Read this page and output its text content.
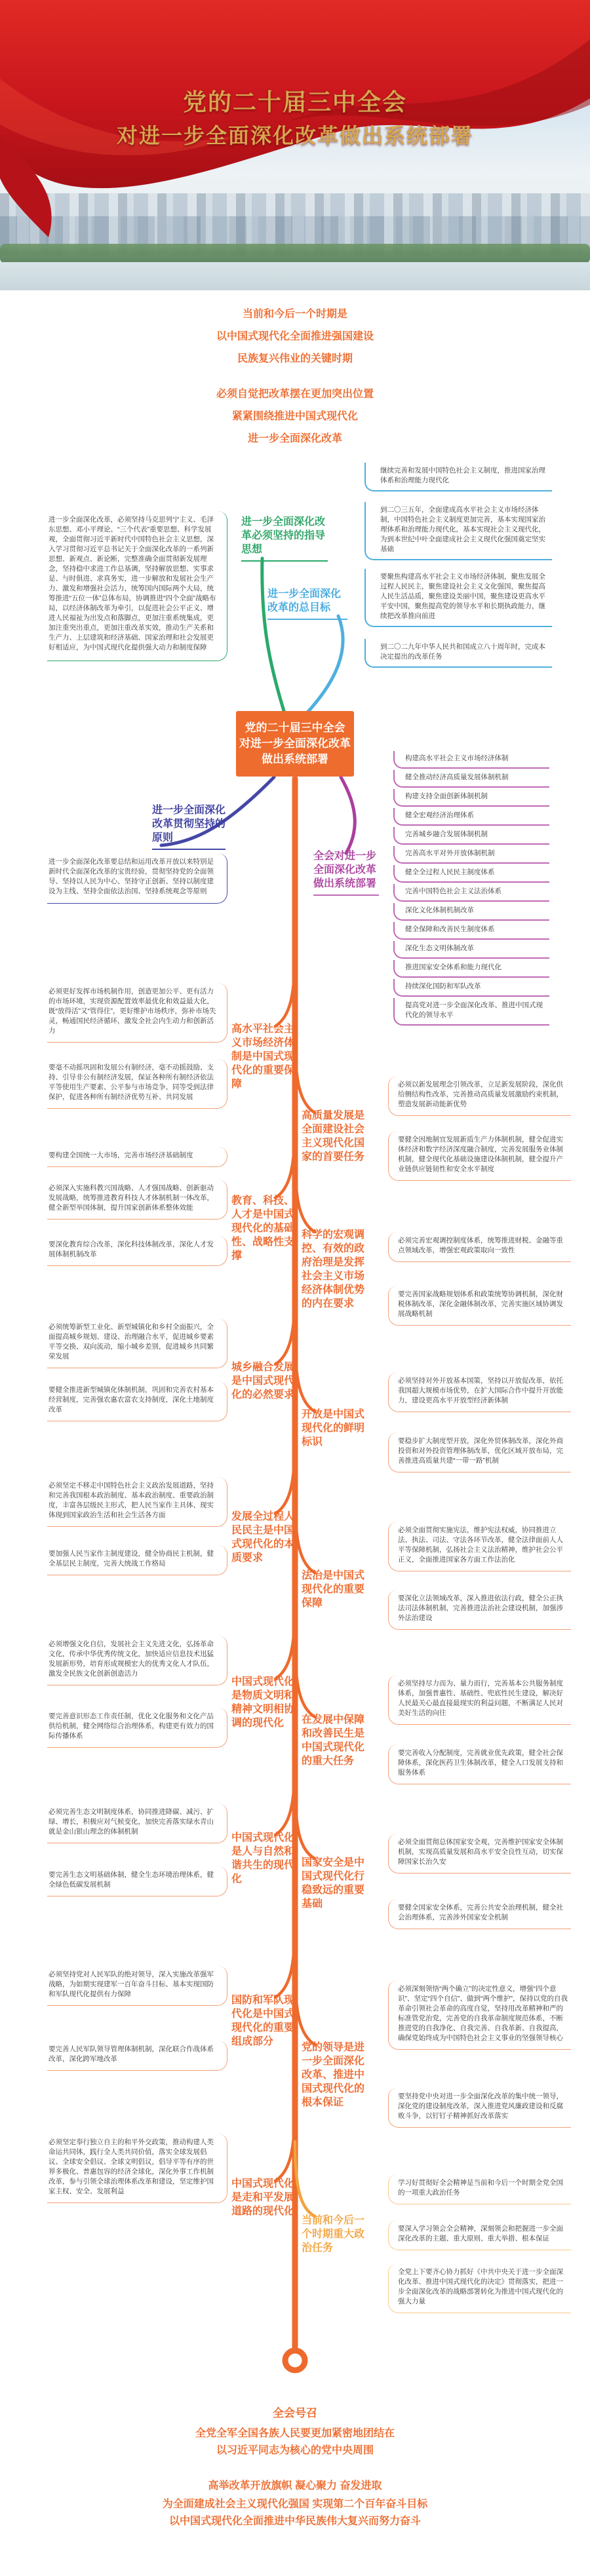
党的二十届三中全会
对进一步全面深化改革做出系统部署
当前和今后一个时期是
以中国式现代化全面推进强国建设
民族复兴伟业的关键时期
必须自觉把改革摆在更加突出位置
紧紧围绕推进中国式现代化
进一步全面深化改革
党的二十届三中全会
对进一步全面深化改革
做出系统部署
进一步全面深化改革必须坚持的指导思想
进一步全面深化改革，必须坚持马克思列宁主义、毛泽东思想、邓小平理论、“三个代表”重要思想、科学发展观，全面贯彻习近平新时代中国特色社会主义思想，深入学习贯彻习近平总书记关于全面深化改革的一系列新思想、新观点、新论断，完整准确全面贯彻新发展理念，坚持稳中求进工作总基调，坚持解放思想、实事求是、与时俱进、求真务实，进一步解放和发展社会生产力、激发和增强社会活力，统筹国内国际两个大局，统筹推进“五位一体”总体布局，协调推进“四个全面”战略布局，以经济体制改革为牵引，以促进社会公平正义、增进人民福祉为出发点和落脚点，更加注重系统集成，更加注重突出重点，更加注重改革实效，推动生产关系和生产力、上层建筑和经济基础、国家治理和社会发展更好相适应，为中国式现代化提供强大动力和制度保障
进一步全面深化改革的总目标
继续完善和发展中国特色社会主义制度，推进国家治理体系和治理能力现代化
到二〇三五年，全面建成高水平社会主义市场经济体制，中国特色社会主义制度更加完善，基本实现国家治理体系和治理能力现代化，基本实现社会主义现代化，为到本世纪中叶全面建成社会主义现代化强国奠定坚实基础
要聚焦构建高水平社会主义市场经济体制，聚焦发展全过程人民民主，聚焦建设社会主义文化强国，聚焦提高人民生活品质，聚焦建设美丽中国，聚焦建设更高水平平安中国，聚焦提高党的领导水平和长期执政能力，继续把改革推向前进
到二〇二九年中华人民共和国成立八十周年时，完成本决定提出的改革任务
进一步全面深化改革贯彻坚持的原则
进一步全面深化改革要总结和运用改革开放以来特别是新时代全面深化改革的宝贵经验，贯彻坚持党的全面领导、坚持以人民为中心、坚持守正创新、坚持以制度建设为主线、坚持全面依法治国、坚持系统观念等原则
全会对进一步全面深化改革做出系统部署
构建高水平社会主义市场经济体制
健全推动经济高质量发展体制机制
构建支持全面创新体制机制
健全宏观经济治理体系
完善城乡融合发展体制机制
完善高水平对外开放体制机制
健全全过程人民民主制度体系
完善中国特色社会主义法治体系
深化文化体制机制改革
健全保障和改善民生制度体系
深化生态文明体制改革
推进国家安全体系和能力现代化
持续深化国防和军队改革
提高党对进一步全面深化改革、推进中国式现代化的领导水平
高水平社会主义市场经济体制是中国式现代化的重要保障
必须更好发挥市场机制作用，创造更加公平、更有活力的市场环境，实现资源配置效率最优化和效益最大化，既“放得活”又“管得住”，更好维护市场秩序，弥补市场失灵，畅通国民经济循环，激发全社会内生动力和创新活力
要毫不动摇巩固和发展公有制经济，毫不动摇鼓励、支持、引导非公有制经济发展，保证各种所有制经济依法平等使用生产要素、公平参与市场竞争、同等受到法律保护，促进各种所有制经济优势互补、共同发展
要构建全国统一大市场，完善市场经济基础制度
高质量发展是全面建设社会主义现代化国家的首要任务
必须以新发展理念引领改革，立足新发展阶段，深化供给侧结构性改革，完善推动高质量发展激励约束机制，塑造发展新动能新优势
要健全因地制宜发展新质生产力体制机制，健全促进实体经济和数字经济深度融合制度，完善发展服务业体制机制，健全现代化基础设施建设体制机制，健全提升产业链供应链韧性和安全水平制度
教育、科技、人才是中国式现代化的基础性、战略性支撑
必须深入实施科教兴国战略、人才强国战略、创新驱动发展战略，统筹推进教育科技人才体制机制一体改革，健全新型举国体制，提升国家创新体系整体效能
要深化教育综合改革，深化科技体制改革，深化人才发展体制机制改革
科学的宏观调控、有效的政府治理是发挥社会主义市场经济体制优势的内在要求
必须完善宏观调控制度体系，统筹推进财税、金融等重点领域改革，增强宏观政策取向一致性
要完善国家战略规划体系和政策统筹协调机制，深化财税体制改革，深化金融体制改革，完善实施区域协调发展战略机制
城乡融合发展是中国式现代化的必然要求
必须统筹新型工业化、新型城镇化和乡村全面振兴，全面提高城乡规划、建设、治理融合水平，促进城乡要素平等交换、双向流动，缩小城乡差别，促进城乡共同繁荣发展
要健全推进新型城镇化体制机制，巩固和完善农村基本经营制度，完善强农惠农富农支持制度，深化土地制度改革	开放是中国式现代化的鲜明标识
必须坚持对外开放基本国策，坚持以开放促改革，依托我国超大规模市场优势，在扩大国际合作中提升开放能力，建设更高水平开放型经济新体制
要稳步扩大制度型开放，深化外贸体制改革，深化外商投资和对外投资管理体制改革，优化区域开放布局，完善推进高质量共建“一带一路”机制
发展全过程人民民主是中国式现代化的本质要求
必须坚定不移走中国特色社会主义政治发展道路，坚持和完善我国根本政治制度、基本政治制度、重要政治制度，丰富各层级民主形式，把人民当家作主具体、现实体现到国家政治生活和社会生活各方面
要加强人民当家作主制度建设，健全协商民主机制，健全基层民主制度，完善大统战工作格局
法治是中国式现代化的重要保障
必须全面贯彻实施宪法，维护宪法权威，协同推进立法、执法、司法、守法各环节改革，健全法律面前人人平等保障机制，弘扬社会主义法治精神，维护社会公平正义，全面推进国家各方面工作法治化
要深化立法领域改革，深入推进依法行政，健全公正执法司法体制机制，完善推进法治社会建设机制，加强涉外法治建设
中国式现代化是物质文明和精神文明相协调的现代化
必须增强文化自信，发展社会主义先进文化，弘扬革命文化，传承中华优秀传统文化，加快适应信息技术迅猛发展新形势，培育形成规模宏大的优秀文化人才队伍，激发全民族文化创新创造活力
要完善意识形态工作责任制，优化文化服务和文化产品供给机制，健全网络综合治理体系，构建更有效力的国际传播体系
在发展中保障和改善民生是中国式现代化的重大任务
必须坚持尽力而为、量力而行，完善基本公共服务制度体系，加强普惠性、基础性、兜底性民生建设，解决好人民最关心最直接最现实的利益问题，不断满足人民对美好生活的向往
要完善收入分配制度，完善就业优先政策，健全社会保障体系，深化医药卫生体制改革，健全人口发展支持和服务体系
中国式现代化是人与自然和谐共生的现代化
必须完善生态文明制度体系，协同推进降碳、减污、扩绿、增长，积极应对气候变化，加快完善落实绿水青山就是金山银山理念的体制机制
要完善生态文明基础体制，健全生态环境治理体系，健全绿色低碳发展机制
国家安全是中国式现代化行稳致远的重要基础
必须全面贯彻总体国家安全观，完善维护国家安全体制机制，实现高质量发展和高水平安全良性互动，切实保障国家长治久安
要健全国家安全体系，完善公共安全治理机制，健全社会治理体系，完善涉外国家安全机制
国防和军队现代化是中国式现代化的重要组成部分
必须坚持党对人民军队的绝对领导，深入实施改革强军战略，为如期实现建军一百年奋斗目标、基本实现国防和军队现代化提供有力保障
要完善人民军队领导管理体制机制，深化联合作战体系改革，深化跨军地改革
党的领导是进一步全面深化改革、推进中国式现代化的根本保证
必须深刻领悟“两个确立”的决定性意义，增强“四个意识”、坚定“四个自信”、做到“两个维护”，保持以党的自我革命引领社会革命的高度自觉，坚持用改革精神和严的标准管党治党，完善党的自我革命制度规范体系，不断推进党的自我净化、自我完善、自我革新、自我提高，确保党始终成为中国特色社会主义事业的坚强领导核心
要坚持党中央对进一步全面深化改革的集中统一领导，深化党的建设制度改革，深入推进党风廉政建设和反腐败斗争，以钉钉子精神抓好改革落实
中国式现代化是走和平发展道路的现代化
必须坚定奉行独立自主的和平外交政策，推动构建人类命运共同体，践行全人类共同价值，落实全球发展倡议、全球安全倡议、全球文明倡议，倡导平等有序的世界多极化、普惠包容的经济全球化，深化外事工作机制改革，参与引领全球治理体系改革和建设，坚定维护国家主权、安全、发展利益
当前和今后一个时期重大政治任务
学习好贯彻好全会精神是当前和今后一个时期全党全国的一项重大政治任务
要深入学习领会全会精神，深刻领会和把握进一步全面深化改革的主题、重大原则、重大举措、根本保证
全党上下要齐心协力抓好《中共中央关于进一步全面深化改革、推进中国式现代化的决定》贯彻落实，把进一步全面深化改革的战略部署转化为推进中国式现代化的强大力量
全会号召
全党全军全国各族人民要更加紧密地团结在
以习近平同志为核心的党中央周围
高举改革开放旗帜 凝心聚力 奋发进取
为全面建成社会主义现代化强国 实现第二个百年奋斗目标
以中国式现代化全面推进中华民族伟大复兴而努力奋斗
